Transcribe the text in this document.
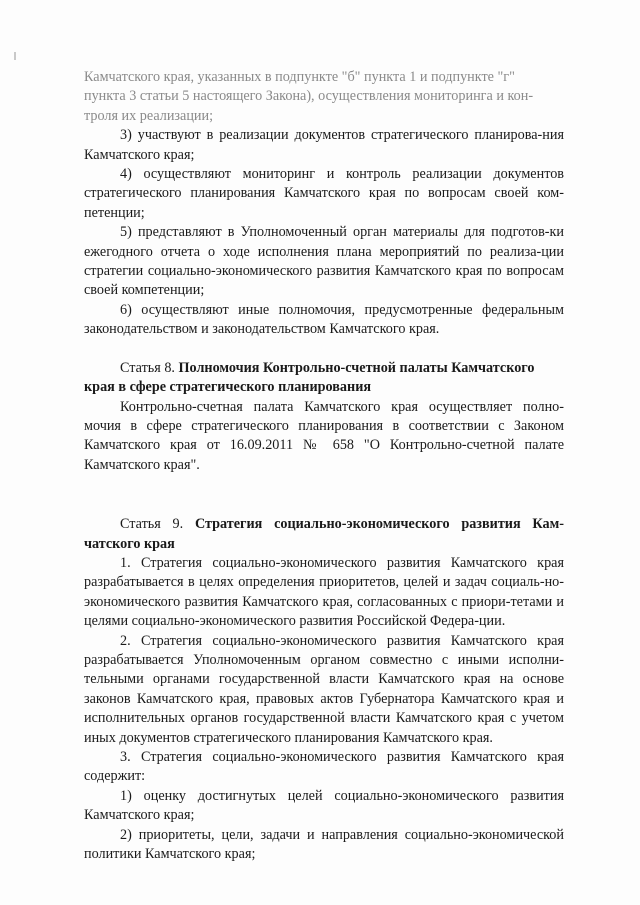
Камчатского края, указанных в подпункте "б" пункта 1 и подпункте "г"

пункта 3 статьи 5 настоящего Закона), осуществления мониторинга и кон-

троля их реализации;

3) участвуют в реализации документов стратегического планирова-ния Камчатского края;

4) осуществляют мониторинг и контроль реализации документов стратегического планирования Камчатского края по вопросам своей ком-петенции;

5) представляют в Уполномоченный орган материалы для подготов-ки ежегодного отчета о ходе исполнения плана мероприятий по реализа-ции стратегии социально-экономического развития Камчатского края по вопросам своей компетенции;

6) осуществляют иные полномочия, предусмотренные федеральным законодательством и законодательством Камчатского края.

Статья 8. Полномочия Контрольно-счетной палаты Камчатского края в сфере стратегического планирования

Контрольно-счетная палата Камчатского края осуществляет полно-мочия в сфере стратегического планирования в соответствии с Законом Камчатского края от 16.09.2011 № 658 "О Контрольно-счетной палате Камчатского края".

Статья 9. Стратегия социально-экономического развития Кам-чатского края

1. Стратегия социально-экономического развития Камчатского края разрабатывается в целях определения приоритетов, целей и задач социаль-но-экономического развития Камчатского края, согласованных с приори-тетами и целями социально-экономического развития Российской Федера-ции.

2. Стратегия социально-экономического развития Камчатского края разрабатывается Уполномоченным органом совместно с иными исполни-тельными органами государственной власти Камчатского края на основе законов Камчатского края, правовых актов Губернатора Камчатского края и исполнительных органов государственной власти Камчатского края с учетом иных документов стратегического планирования Камчатского края.

3. Стратегия социально-экономического развития Камчатского края содержит:

1) оценку достигнутых целей социально-экономического развития Камчатского края;

2) приоритеты, цели, задачи и направления социально-экономической политики Камчатского края;
